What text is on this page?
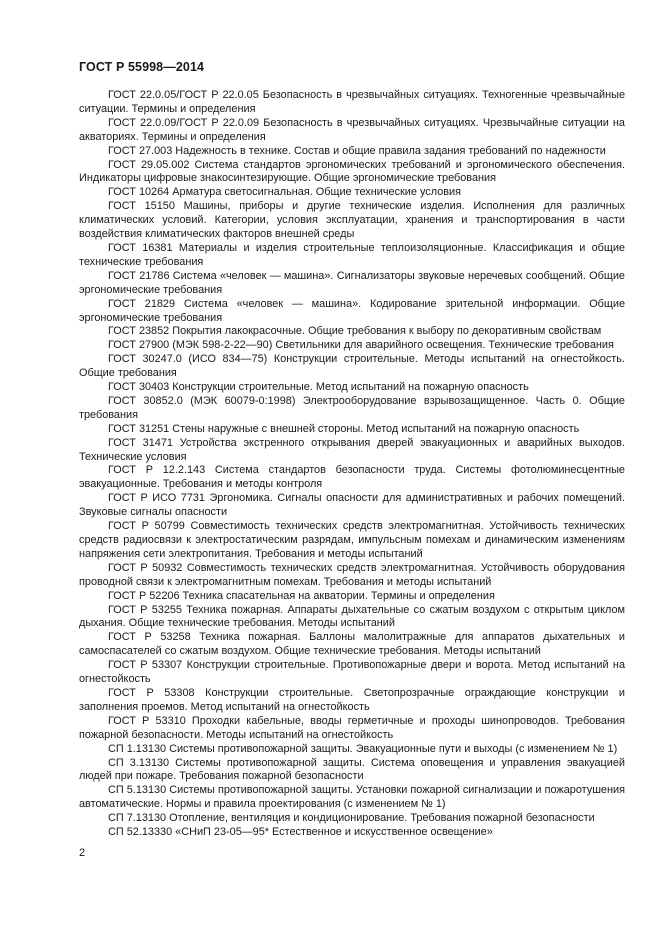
ГОСТ Р 55998—2014

ГОСТ 22.0.05/ГОСТ Р 22.0.05 Безопасность в чрезвычайных ситуациях. Техногенные чрезвычайные ситуации. Термины и определения

ГОСТ 22.0.09/ГОСТ Р 22.0.09 Безопасность в чрезвычайных ситуациях. Чрезвычайные ситуации на акваториях. Термины и определения

ГОСТ 27.003 Надежность в технике. Состав и общие правила задания требований по надежности

ГОСТ 29.05.002 Система стандартов эргономических требований и эргономического обеспечения. Индикаторы цифровые знакосинтезирующие. Общие эргономические требования

ГОСТ 10264 Арматура светосигнальная. Общие технические условия

ГОСТ 15150 Машины, приборы и другие технические изделия. Исполнения для различных климатических условий. Категории, условия эксплуатации, хранения и транспортирования в части воздействия климатических факторов внешней среды

ГОСТ 16381 Материалы и изделия строительные теплоизоляционные. Классификация и общие технические требования

ГОСТ 21786 Система «человек — машина». Сигнализаторы звуковые неречевых сообщений. Общие эргономические требования

ГОСТ 21829 Система «человек — машина». Кодирование зрительной информации. Общие эргономические требования

ГОСТ 23852 Покрытия лакокрасочные. Общие требования к выбору по декоративным свойствам

ГОСТ 27900 (МЭК 598-2-22—90) Светильники для аварийного освещения. Технические требования

ГОСТ 30247.0 (ИСО 834—75) Конструкции строительные. Методы испытаний на огнестойкость. Общие требования

ГОСТ 30403 Конструкции строительные. Метод испытаний на пожарную опасность

ГОСТ 30852.0 (МЭК 60079-0:1998) Электрооборудование взрывозащищенное. Часть 0. Общие требования

ГОСТ 31251 Стены наружные с внешней стороны. Метод испытаний на пожарную опасность

ГОСТ 31471 Устройства экстренного открывания дверей эвакуационных и аварийных выходов. Технические условия

ГОСТ Р 12.2.143 Система стандартов безопасности труда. Системы фотолюминесцентные эвакуационные. Требования и методы контроля

ГОСТ Р ИСО 7731 Эргономика. Сигналы опасности для административных и рабочих помещений. Звуковые сигналы опасности

ГОСТ Р 50799 Совместимость технических средств электромагнитная. Устойчивость технических средств радиосвязи к электростатическим разрядам, импульсным помехам и динамическим изменениям напряжения сети электропитания. Требования и методы испытаний

ГОСТ Р 50932 Совместимость технических средств электромагнитная. Устойчивость оборудования проводной связи к электромагнитным помехам. Требования и методы испытаний

ГОСТ Р 52206 Техника спасательная на акватории. Термины и определения

ГОСТ Р 53255 Техника пожарная. Аппараты дыхательные со сжатым воздухом с открытым циклом дыхания. Общие технические требования. Методы испытаний

ГОСТ Р 53258 Техника пожарная. Баллоны малолитражные для аппаратов дыхательных и самоспасателей со сжатым воздухом. Общие технические требования. Методы испытаний

ГОСТ Р 53307 Конструкции строительные. Противопожарные двери и ворота. Метод испытаний на огнестойкость

ГОСТ Р 53308 Конструкции строительные. Светопрозрачные ограждающие конструкции и заполнения проемов. Метод испытаний на огнестойкость

ГОСТ Р 53310 Проходки кабельные, вводы герметичные и проходы шинопроводов. Требования пожарной безопасности. Методы испытаний на огнестойкость

СП 1.13130 Системы противопожарной защиты. Эвакуационные пути и выходы (с изменением № 1)

СП 3.13130 Системы противопожарной защиты. Система оповещения и управления эвакуацией людей при пожаре. Требования пожарной безопасности

СП 5.13130 Системы противопожарной защиты. Установки пожарной сигнализации и пожаротушения автоматические. Нормы и правила проектирования (с изменением № 1)

СП 7.13130 Отопление, вентиляция и кондиционирование. Требования пожарной безопасности

СП 52.13330 «СНиП 23-05—95* Естественное и искусственное освещение»

2
